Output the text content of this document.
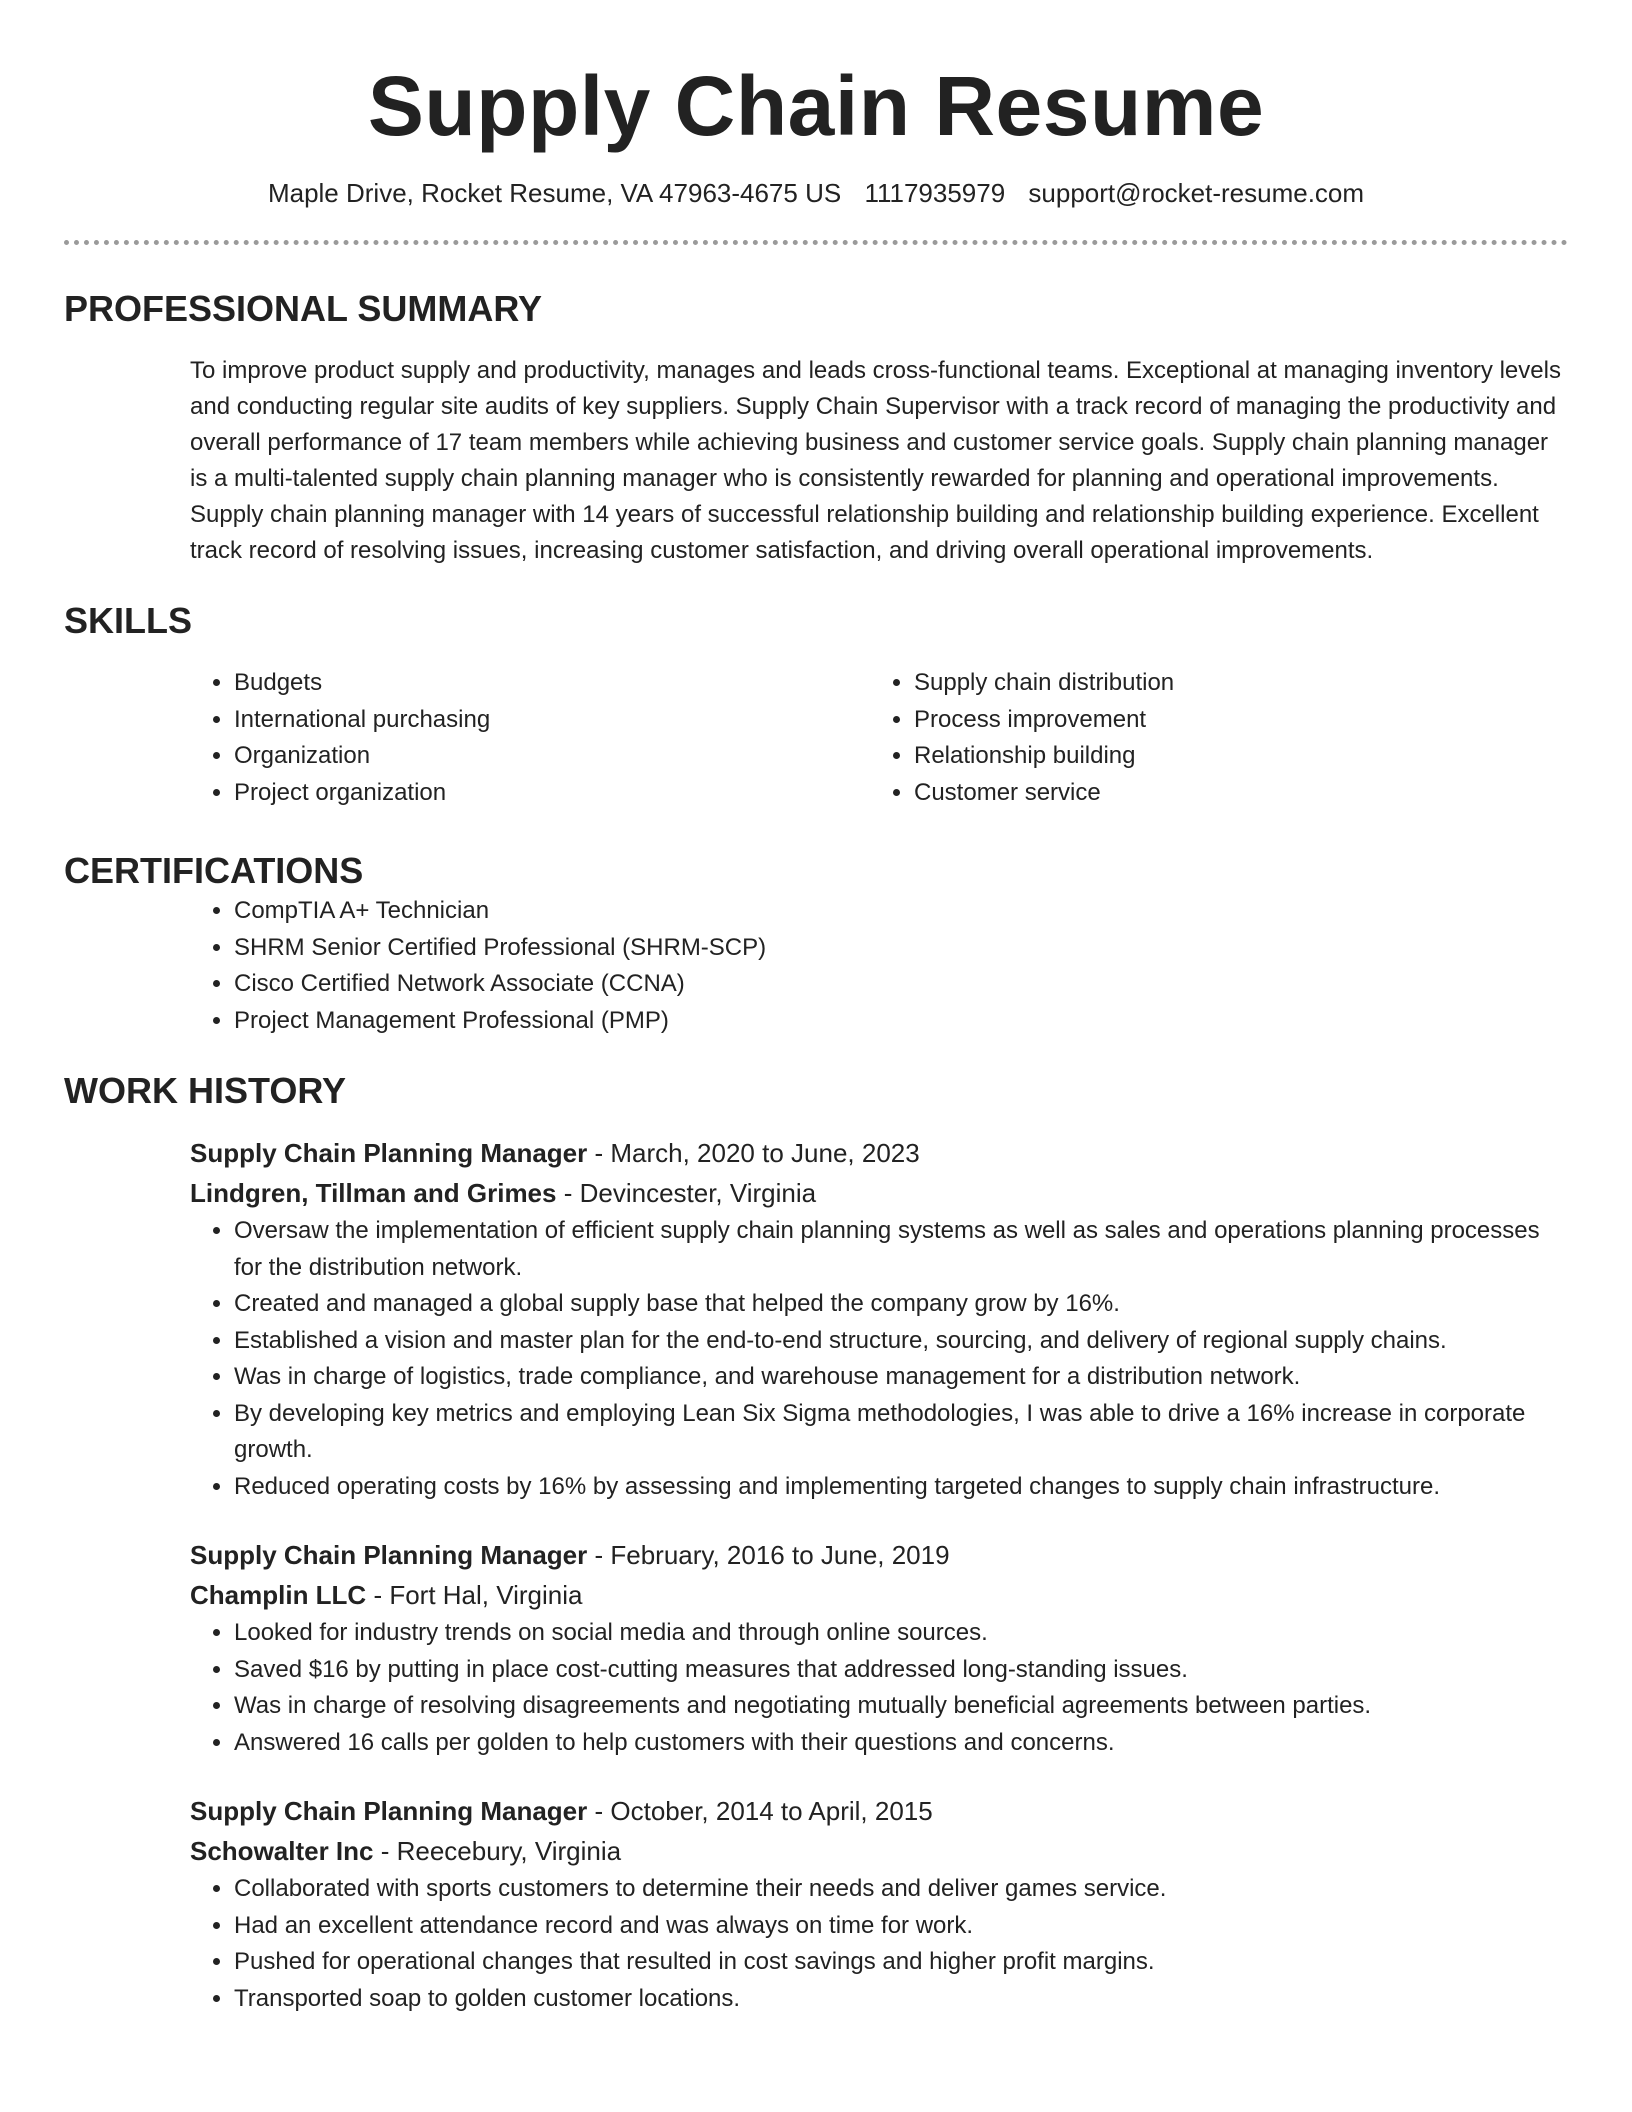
Supply Chain Resume
Maple Drive, Rocket Resume, VA 47963-4675 US 1117935979 support@rocket-resume.com
PROFESSIONAL SUMMARY

To improve product supply and productivity, manages and leads cross-functional teams. Exceptional at managing inventory levels and conducting regular site audits of key suppliers. Supply Chain Supervisor with a track record of managing the productivity and overall performance of 17 team members while achieving business and customer service goals. Supply chain planning manager is a multi-talented supply chain planning manager who is consistently rewarded for planning and operational improvements. Supply chain planning manager with 14 years of successful relationship building and relationship building experience. Excellent track record of resolving issues, increasing customer satisfaction, and driving overall operational improvements.

SKILLS
• Budgets
• International purchasing
• Organization
• Project organization
• Supply chain distribution
• Process improvement
• Relationship building
• Customer service
CERTIFICATIONS
• CompTIA A+ Technician
• SHRM Senior Certified Professional (SHRM-SCP)
• Cisco Certified Network Associate (CCNA)
• Project Management Professional (PMP)
WORK HISTORY
Supply Chain Planning Manager - March, 2020 to June, 2023
Lindgren, Tillman and Grimes - Devincester, Virginia
• Oversaw the implementation of efficient supply chain planning systems as well as sales and operations planning processes for the distribution network.
• Created and managed a global supply base that helped the company grow by 16%.
• Established a vision and master plan for the end-to-end structure, sourcing, and delivery of regional supply chains.
• Was in charge of logistics, trade compliance, and warehouse management for a distribution network.
• By developing key metrics and employing Lean Six Sigma methodologies, I was able to drive a 16% increase in corporate growth.
• Reduced operating costs by 16% by assessing and implementing targeted changes to supply chain infrastructure.
Supply Chain Planning Manager - February, 2016 to June, 2019
Champlin LLC - Fort Hal, Virginia
• Looked for industry trends on social media and through online sources.
• Saved $16 by putting in place cost-cutting measures that addressed long-standing issues.
• Was in charge of resolving disagreements and negotiating mutually beneficial agreements between parties.
• Answered 16 calls per golden to help customers with their questions and concerns.
Supply Chain Planning Manager - October, 2014 to April, 2015
Schowalter Inc - Reecebury, Virginia
• Collaborated with sports customers to determine their needs and deliver games service.
• Had an excellent attendance record and was always on time for work.
• Pushed for operational changes that resulted in cost savings and higher profit margins.
• Transported soap to golden customer locations.
